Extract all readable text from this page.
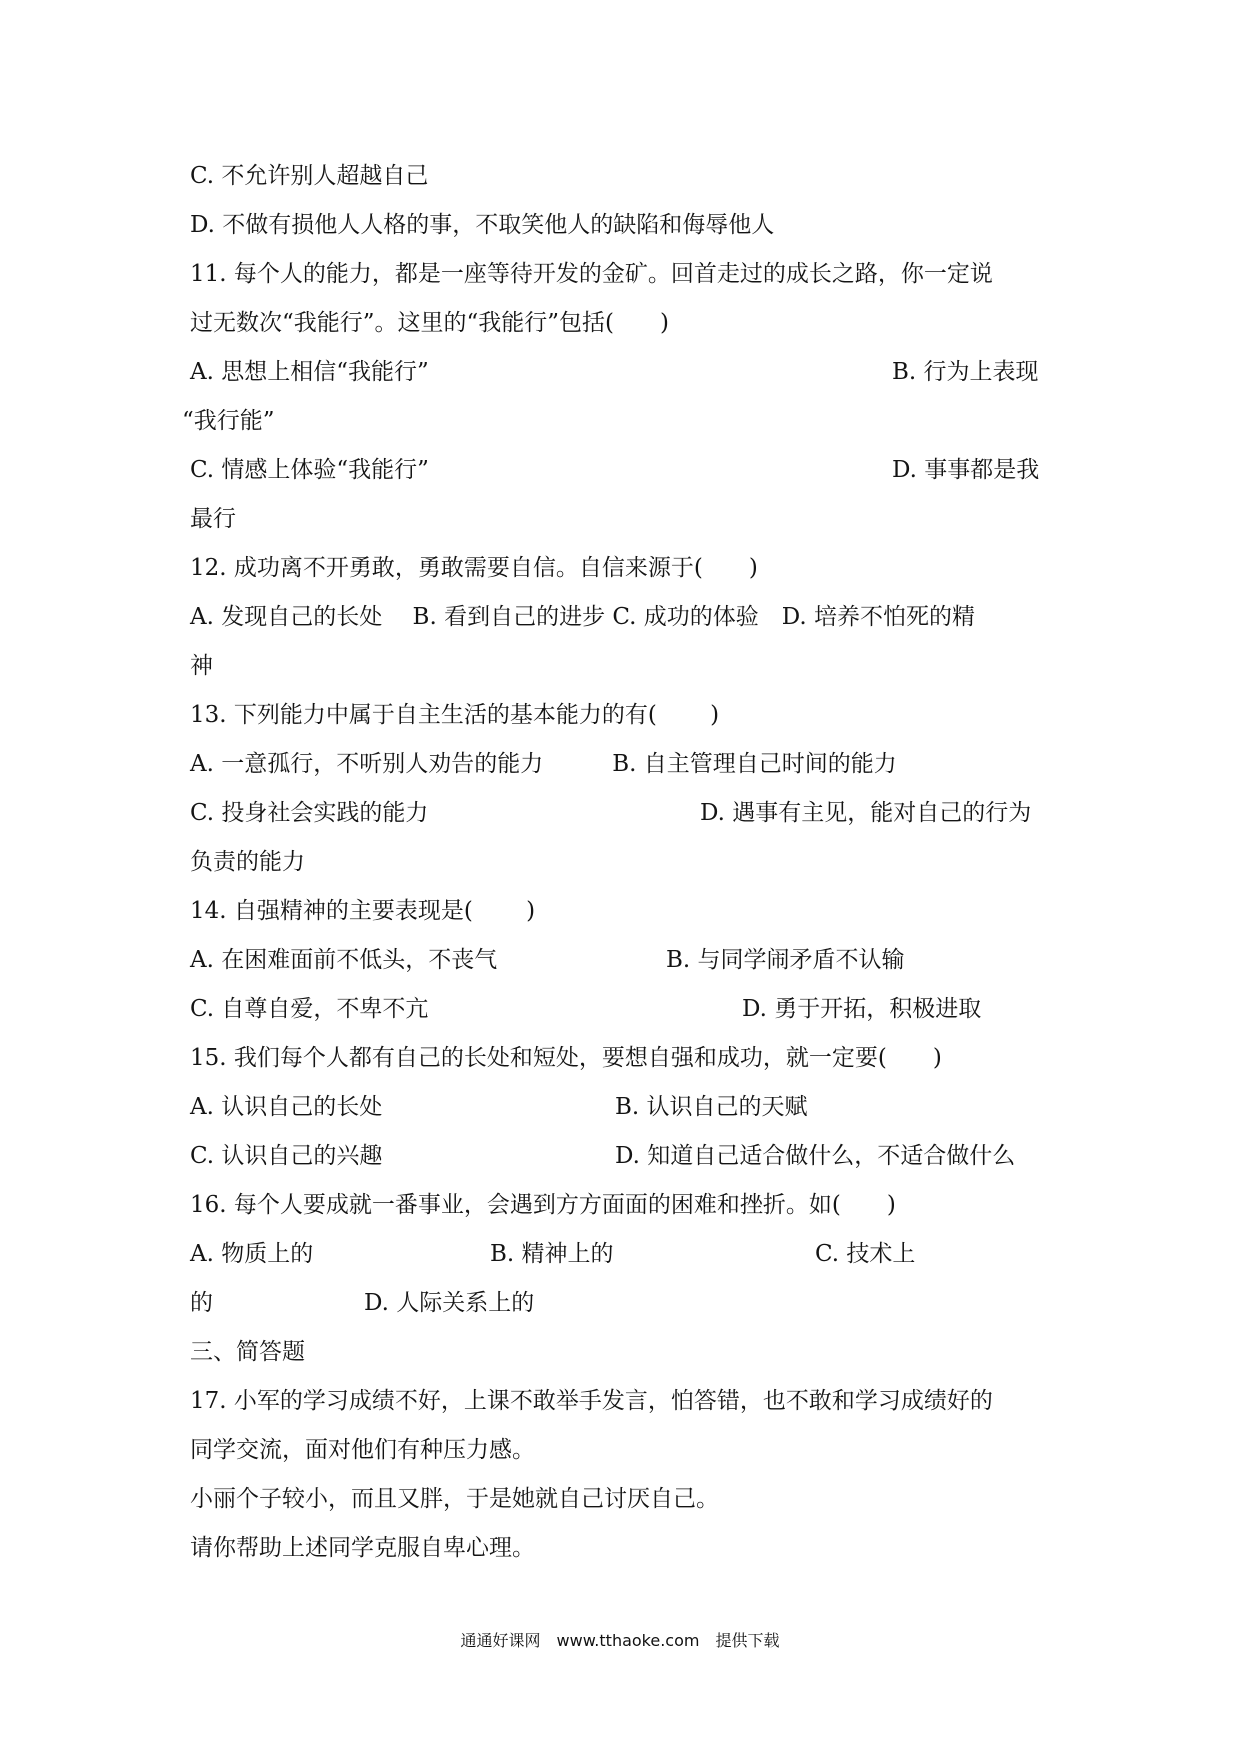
C. 不允许别人超越自己
D. 不做有损他人人格的事，不取笑他人的缺陷和侮辱他人
11. 每个人的能力，都是一座等待开发的金矿。回首走过的成长之路，你一定说
过无数次“我能行”。这里的“我能行”包括(　　)
A. 思想上相信“我能行”	B. 行为上表现
“我行能”
C. 情感上体验“我能行”	D. 事事都是我
最行
12. 成功离不开勇敢，勇敢需要自信。自信来源于(　　)
A. 发现自己的长处　 B. 看到自己的进步 C. 成功的体验　D. 培养不怕死的精
神
13. 下列能力中属于自主生活的基本能力的有(　　 )
A. 一意孤行，不听别人劝告的能力　　　B. 自主管理自己时间的能力
C. 投身社会实践的能力	D. 遇事有主见，能对自己的行为
负责的能力
14. 自强精神的主要表现是(　　 )
A. 在困难面前不低头，不丧气	B. 与同学闹矛盾不认输
C. 自尊自爱，不卑不亢	D. 勇于开拓，积极进取
15. 我们每个人都有自己的长处和短处，要想自强和成功，就一定要(　　)
A. 认识自己的长处	B. 认识自己的天赋
C. 认识自己的兴趣	D. 知道自己适合做什么，不适合做什么
16. 每个人要成就一番事业，会遇到方方面面的困难和挫折。如(　　)
A. 物质上的	B. 精神上的	C. 技术上
的	D. 人际关系上的
三、简答题
17. 小军的学习成绩不好，上课不敢举手发言，怕答错，也不敢和学习成绩好的
同学交流，面对他们有种压力感。
小丽个子较小，而且又胖，于是她就自己讨厌自己。
请你帮助上述同学克服自卑心理。
通通好课网　www.tthaoke.com　提供下载
